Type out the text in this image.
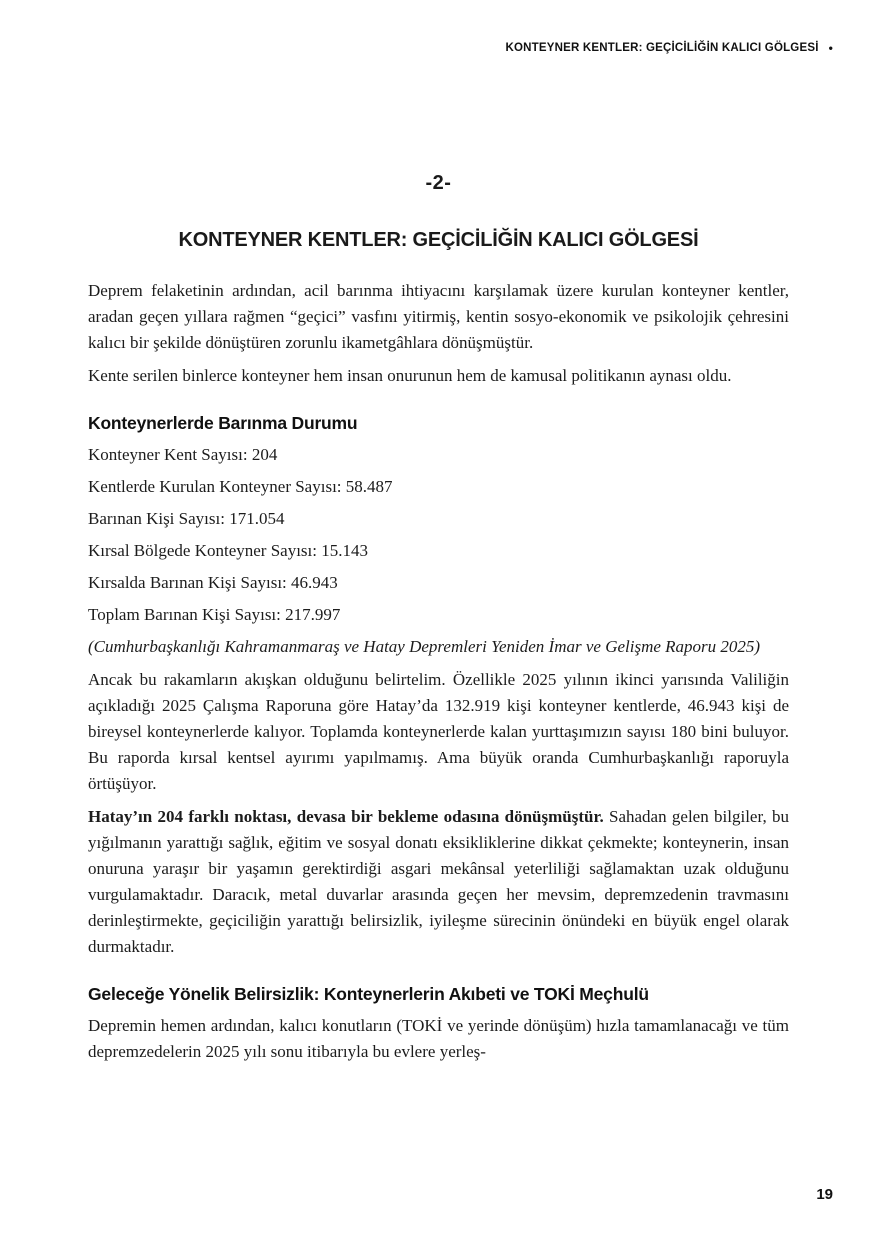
KONTEYNER KENTLER: GEÇİCİLİĞİN KALICI GÖLGESİ •
-2-
KONTEYNER KENTLER: GEÇİCİLİĞİN KALICI GÖLGESİ

Deprem felaketinin ardından, acil barınma ihtiyacını karşılamak üzere kurulan konteyner kentler, aradan geçen yıllara rağmen “geçici” vasfını yitirmiş, kentin sosyo-ekonomik ve psikolojik çehresini kalıcı bir şekilde dönüştüren zorunlu ikametgâhlara dönüşmüştür.

Kente serilen binlerce konteyner hem insan onurunun hem de kamusal politikanın aynası oldu.

Konteynerlerde Barınma Durumu

Konteyner Kent Sayısı: 204

Kentlerde Kurulan Konteyner Sayısı: 58.487

Barınan Kişi Sayısı: 171.054

Kırsal Bölgede Konteyner Sayısı: 15.143

Kırsalda Barınan Kişi Sayısı: 46.943

Toplam Barınan Kişi Sayısı: 217.997

(Cumhurbaşkanlığı Kahramanmaraş ve Hatay Depremleri Yeniden İmar ve Gelişme Raporu 2025)

Ancak bu rakamların akışkan olduğunu belirtelim. Özellikle 2025 yılının ikinci yarısında Valiliğin açıkladığı 2025 Çalışma Raporuna göre Hatay’da 132.919 kişi konteyner kentlerde, 46.943 kişi de bireysel konteynerlerde kalıyor. Toplamda konteynerlerde kalan yurttaşımızın sayısı 180 bini buluyor. Bu raporda kırsal kentsel ayırımı yapılmamış. Ama büyük oranda Cumhurbaşkanlığı raporuyla örtüşüyor.

Hatay’ın 204 farklı noktası, devasa bir bekleme odasına dönüşmüştür. Sahadan gelen bilgiler, bu yığılmanın yarattığı sağlık, eğitim ve sosyal donatı eksikliklerine dikkat çekmekte; konteynerin, insan onuruna yaraşır bir yaşamın gerektirdiği asgari mekânsal yeterliliği sağlamaktan uzak olduğunu vurgulamaktadır. Daracık, metal duvarlar arasında geçen her mevsim, depremzedenin travmasını derinleştirmekte, geçiciliğin yarattığı belirsizlik, iyileşme sürecinin önündeki en büyük engel olarak durmaktadır.

Geleceğe Yönelik Belirsizlik: Konteynerlerin Akıbeti ve TOKİ Meçhulü

Depremin hemen ardından, kalıcı konutların (TOKİ ve yerinde dönüşüm) hızla tamamlanacağı ve tüm depremzedelerin 2025 yılı sonu itibarıyla bu evlere yerleş-

19
